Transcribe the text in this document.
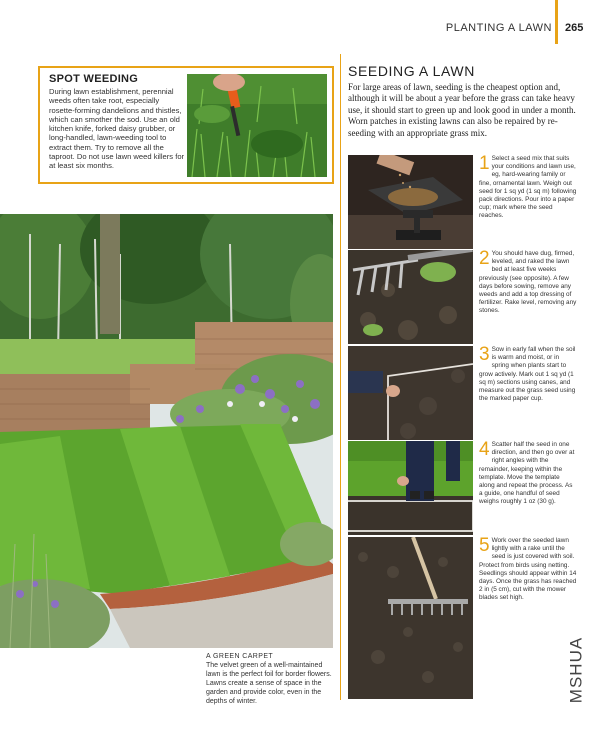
PLANTING A LAWN 265
SPOT WEEDING
During lawn establishment, perennial weeds often take root, especially rosette-forming dandelions and thistles, which can smother the sod. Use an old kitchen knife, forked daisy grubber, or long-handled, lawn-weeding tool to extract them. Try to remove all the taproot. Do not use lawn weed killers for at least six months.
A GREEN CARPET
The velvet green of a well-maintained lawn is the perfect foil for border flowers. Lawns create a sense of space in the garden and provide color, even in the depths of winter.
SEEDING A LAWN
For large areas of lawn, seeding is the cheapest option and, although it will be about a year before the grass can take heavy use, it should start to green up and look good in under a month. Worn patches in existing lawns can also be repaired by re-seeding with an appropriate grass mix.
1 Select a seed mix that suits your conditions and lawn use, eg, hard-wearing family or fine, ornamental lawn. Weigh out seed for 1 sq yd (1 sq m) following pack directions. Pour into a paper cup; mark where the seed reaches.
2 You should have dug, firmed, leveled, and raked the lawn bed at least five weeks previously (see opposite). A few days before sowing, remove any weeds and add a top dressing of fertilizer. Rake level, removing any stones.
3 Sow in early fall when the soil is warm and moist, or in spring when plants start to grow actively. Mark out 1 sq yd (1 sq m) sections using canes, and measure out the grass seed using the marked paper cup.
4 Scatter half the seed in one direction, and then go over at right angles with the remainder, keeping within the template. Move the template along and repeat the process. As a guide, one handful of seed weighs roughly 1 oz (30 g).
5 Work over the seeded lawn lightly with a rake until the seed is just covered with soil. Protect from birds using netting. Seedlings should appear within 14 days. Once the grass has reached 2 in (5 cm), cut with the mower blades set high.
MSHUA
